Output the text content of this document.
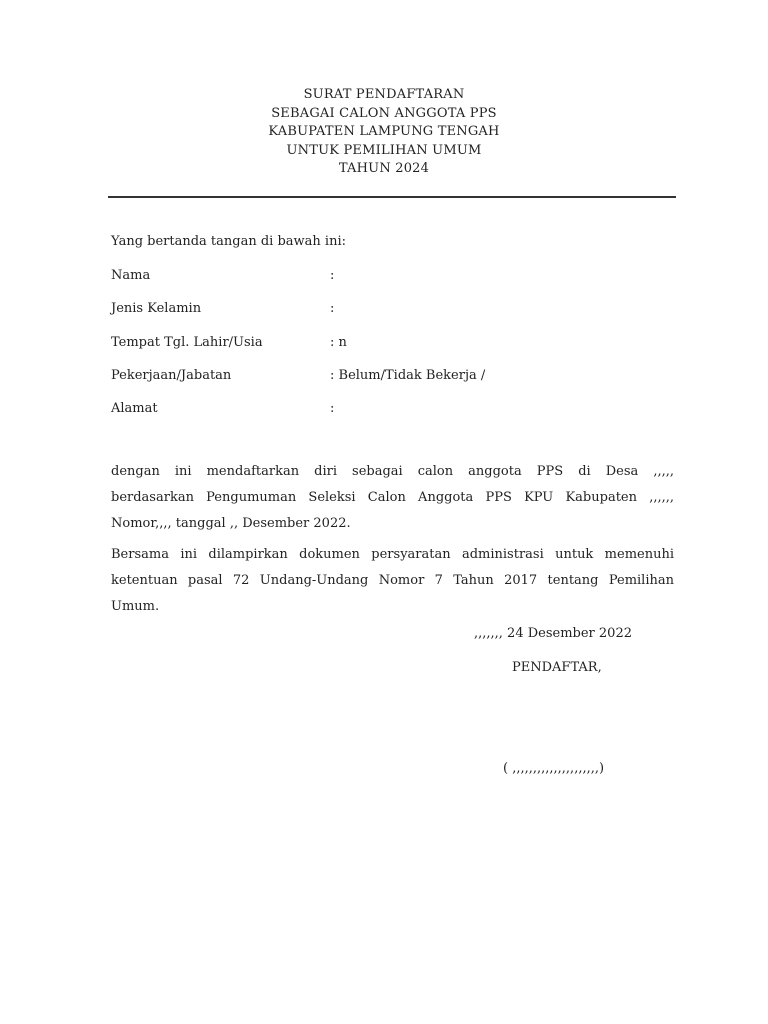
SURAT PENDAFTARAN
SEBAGAI CALON ANGGOTA PPS
KABUPATEN LAMPUNG TENGAH
UNTUK PEMILIHAN UMUM
TAHUN 2024
Yang bertanda tangan di bawah ini:
Nama	:
Jenis Kelamin	:
Tempat Tgl. Lahir/Usia	: n
Pekerjaan/Jabatan	: Belum/Tidak Bekerja /
Alamat	:
dengan ini mendaftarkan diri sebagai calon anggota PPS di Desa ,,,,,
berdasarkan Pengumuman Seleksi Calon Anggota PPS KPU Kabupaten ,,,,,,
Nomor,,,, tanggal ,, Desember 2022.
Bersama ini dilampirkan dokumen persyaratan administrasi untuk memenuhi
ketentuan pasal 72 Undang-Undang Nomor 7 Tahun 2017 tentang Pemilihan
Umum.
,,,,,,, 24 Desember 2022
PENDAFTAR,
( ,,,,,,,,,,,,,,,,,,,,,)
